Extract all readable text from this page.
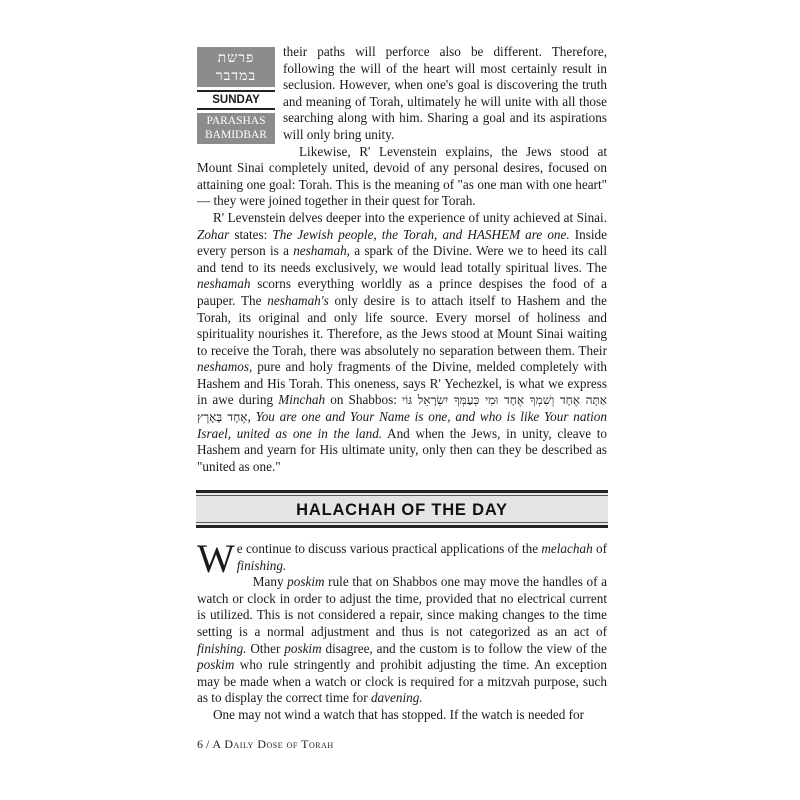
פרשת במדבר
SUNDAY
PARASHAS
BAMIDBAR

their paths will perforce also be different. Therefore, following the will of the heart will most certainly result in seclusion. However, when one's goal is discovering the truth and meaning of Torah, ultimately he will unite with all those searching along with him. Sharing a goal and its aspirations will only bring unity.

Likewise, R' Levenstein explains, the Jews stood at Mount Sinai completely united, devoid of any personal desires, focused on attaining one goal: Torah. This is the meaning of "as one man with one heart" — they were joined together in their quest for Torah.

R' Levenstein delves deeper into the experience of unity achieved at Sinai. Zohar states: The Jewish people, the Torah, and HASHEM are one. Inside every person is a neshamah, a spark of the Divine. Were we to heed its call and tend to its needs exclusively, we would lead totally spiritual lives. The neshamah scorns everything worldly as a prince despises the food of a pauper. The neshamah's only desire is to attach itself to Hashem and the Torah, its original and only life source. Every morsel of holiness and spirituality nourishes it. Therefore, as the Jews stood at Mount Sinai waiting to receive the Torah, there was absolutely no separation between them. Their neshamos, pure and holy fragments of the Divine, melded completely with Hashem and His Torah. This oneness, says R' Yechezkel, is what we express in awe during Minchah on Shabbos: אַתָּה אֶחָד וְשִׁמְךָ אֶחָד וּמִי כְּעַמְּךָ יִשְׂרָאֵל גּוֹי אֶחָד בָּאָרֶץ, You are one and Your Name is one, and who is like Your nation Israel, united as one in the land. And when the Jews, in unity, cleave to Hashem and yearn for His ultimate unity, only then can they be described as "united as one."

HALACHAH OF THE DAY

We continue to discuss various practical applications of the melachah of finishing.

Many poskim rule that on Shabbos one may move the handles of a watch or clock in order to adjust the time, provided that no electrical current is utilized. This is not considered a repair, since making changes to the time setting is a normal adjustment and thus is not categorized as an act of finishing. Other poskim disagree, and the custom is to follow the view of the poskim who rule stringently and prohibit adjusting the time. An exception may be made when a watch or clock is required for a mitzvah purpose, such as to display the correct time for davening.

One may not wind a watch that has stopped. If the watch is needed for

6 / A Daily Dose of Torah
